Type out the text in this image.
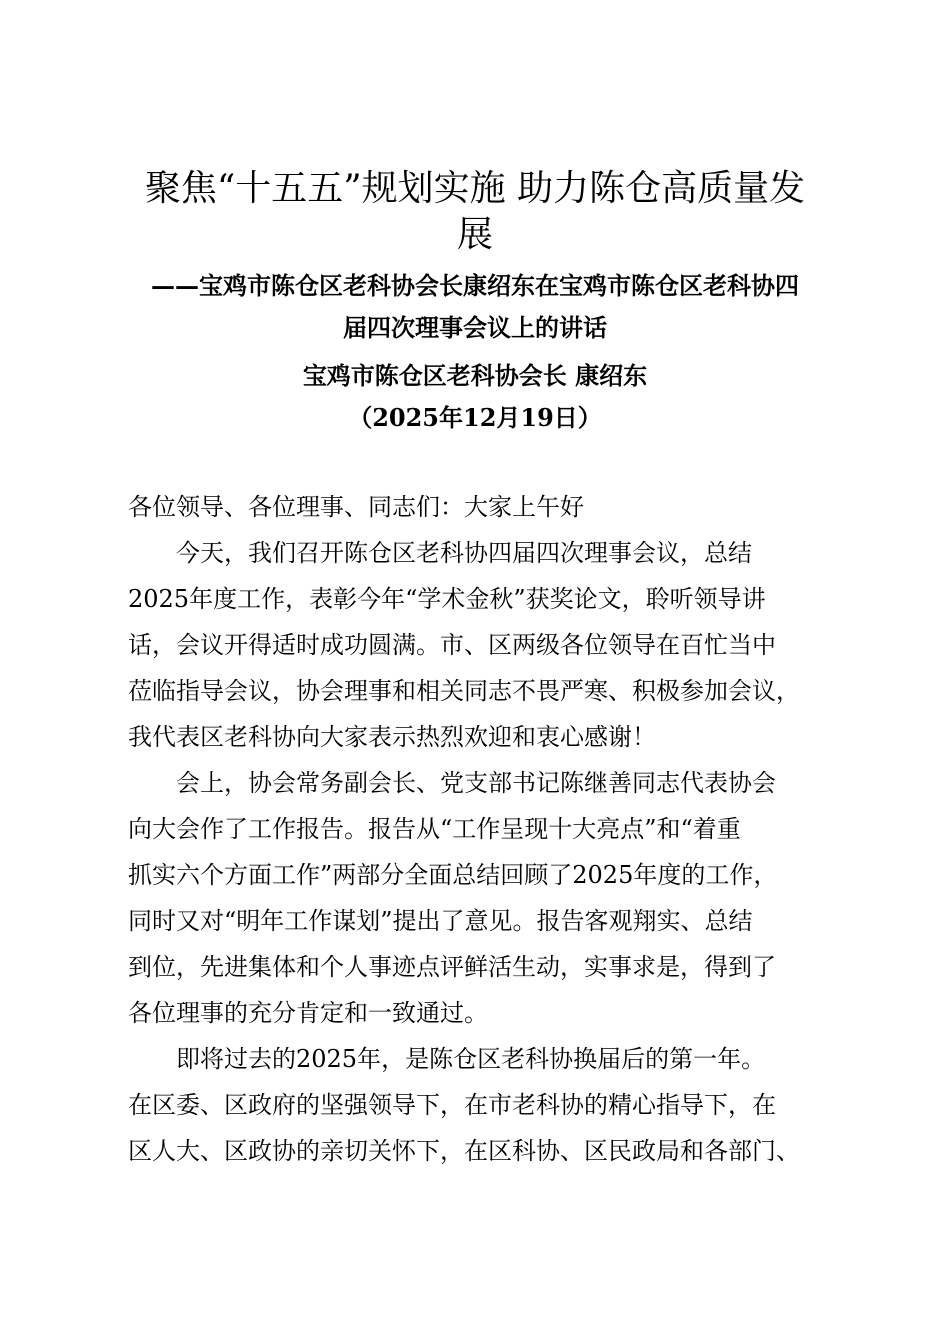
聚焦“十五五”规划实施 助力陈仓高质量发
展

——宝鸡市陈仓区老科协会长康绍东在宝鸡市陈仓区老科协四

届四次理事会议上的讲话

宝鸡市陈仓区老科协会长 康绍东

（2025年12月19日）

各位领导、各位理事、同志们：大家上午好

　　今天，我们召开陈仓区老科协四届四次理事会议，总结

2025年度工作，表彰今年“学术金秋”获奖论文，聆听领导讲

话，会议开得适时成功圆满。市、区两级各位领导在百忙当中

莅临指导会议，协会理事和相关同志不畏严寒、积极参加会议，

我代表区老科协向大家表示热烈欢迎和衷心感谢！

　　会上，协会常务副会长、党支部书记陈继善同志代表协会

向大会作了工作报告。报告从“工作呈现十大亮点”和“着重

抓实六个方面工作”两部分全面总结回顾了2025年度的工作，

同时又对“明年工作谋划”提出了意见。报告客观翔实、总结

到位，先进集体和个人事迹点评鲜活生动，实事求是，得到了

各位理事的充分肯定和一致通过。

　　即将过去的2025年，是陈仓区老科协换届后的第一年。

在区委、区政府的坚强领导下，在市老科协的精心指导下，在

区人大、区政协的亲切关怀下，在区科协、区民政局和各部门、
